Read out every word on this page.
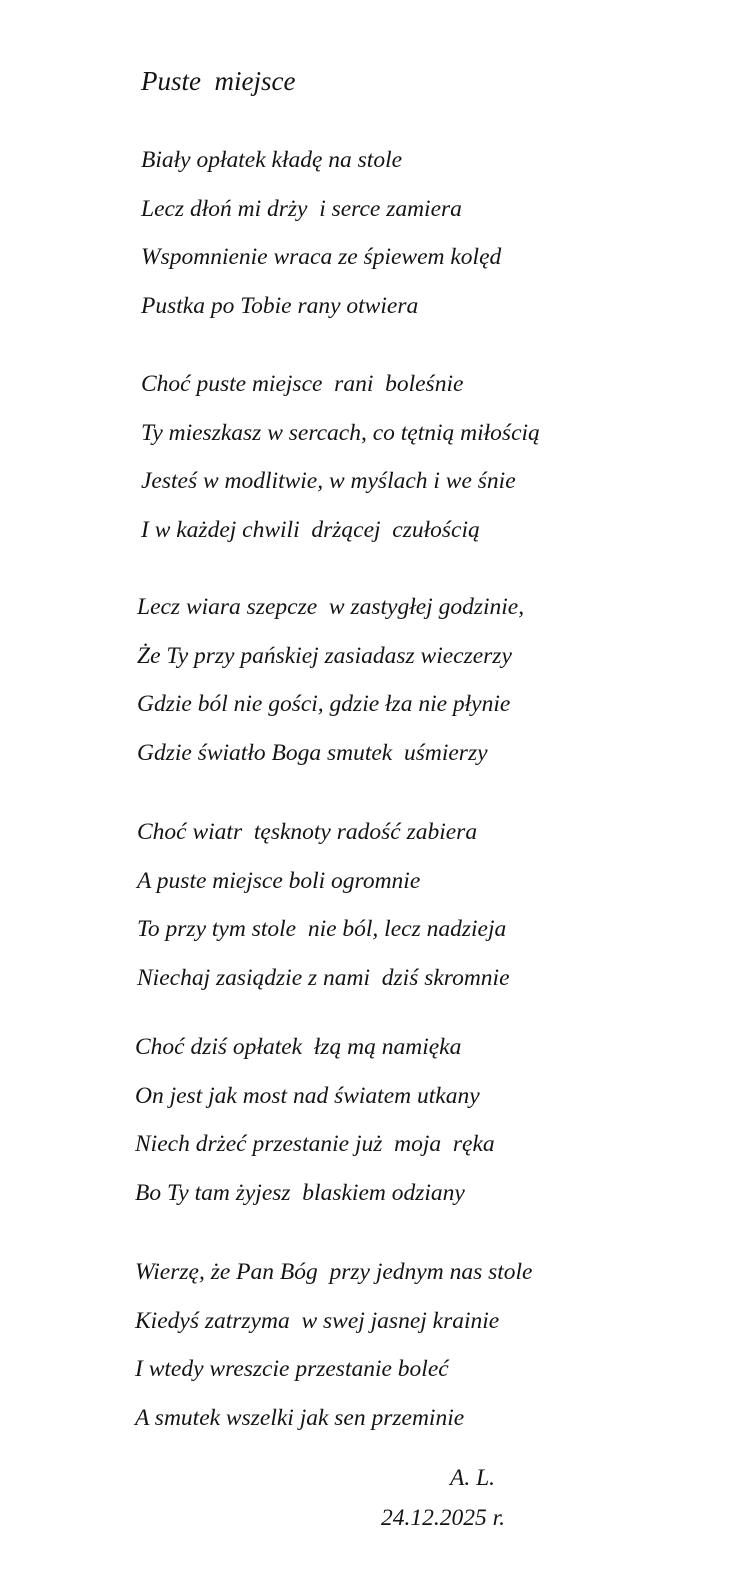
Puste  miejsce
Biały opłatek kładę na stole
Lecz dłoń mi drży  i serce zamiera
Wspomnienie wraca ze śpiewem kolęd
Pustka po Tobie rany otwiera
Choć puste miejsce  rani  boleśnie
Ty mieszkasz w sercach, co tętnią miłością
Jesteś w modlitwie, w myślach i we śnie
I w każdej chwili  drżącej  czułością
Lecz wiara szepcze  w zastygłej godzinie,
Że Ty przy pańskiej zasiadasz wieczerzy
Gdzie ból nie gości, gdzie łza nie płynie
Gdzie światło Boga smutek  uśmierzy
Choć wiatr  tęsknoty radość zabiera
A puste miejsce boli ogromnie
To przy tym stole  nie ból, lecz nadzieja
Niechaj zasiądzie z nami  dziś skromnie
Choć dziś opłatek  łzą mą namięka
On jest jak most nad światem utkany
Niech drżeć przestanie już  moja  ręka
Bo Ty tam żyjesz  blaskiem odziany
Wierzę, że Pan Bóg  przy jednym nas stole
Kiedyś zatrzyma  w swej jasnej krainie
I wtedy wreszcie przestanie boleć
A smutek wszelki jak sen przeminie
A. L.
24.12.2025 r.
